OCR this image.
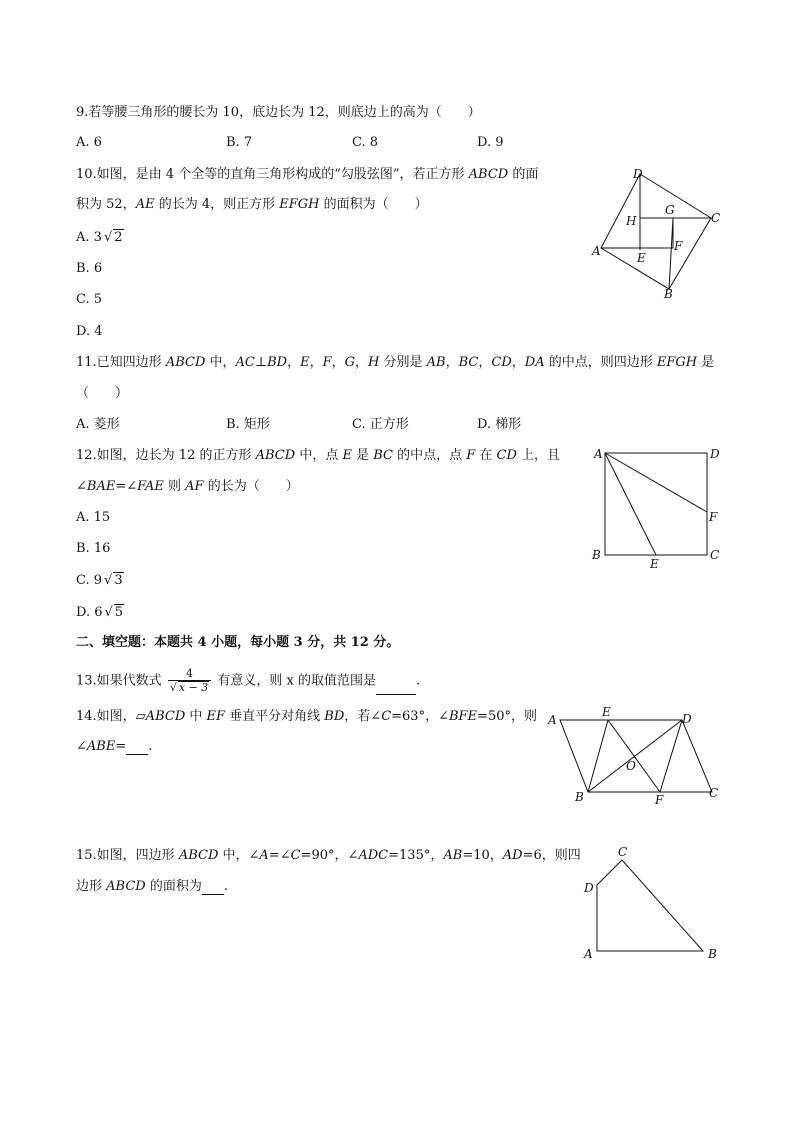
9.若等腰三角形的腰长为 10，底边长为 12，则底边上的高为（　　）
A. 6	B. 7	C. 8	D. 9
10.如图，是由 4 个全等的直角三角形构成的“勾股弦图”，若正方形 ABCD 的面
积为 52，AE 的长为 4，则正方形 EFGH 的面积为（　　）
A. 3 √ 2
B. 6
C. 5
D. 4
D
C
A
B
H
G
E
F
11.已知四边形 ABCD 中，AC⊥BD，E，F，G，H 分别是 AB，BC，CD，DA 的中点，则四边形 EFGH 是
（　　）
A. 菱形	B. 矩形	C. 正方形	D. 梯形
12.如图，边长为 12 的正方形 ABCD 中，点 E 是 BC 的中点，点 F 在 CD 上，且
∠BAE=∠FAE 则 AF 的长为（　　）
A. 15
B. 16
C. 9 √ 3
D. 6 √ 5
A	D
F
B
E
C
二、填空题：本题共 4 小题，每小题 3 分，共 12 分。
13.如果代数式 $\frac{4}{√ x - 3}$ 有意义，则 x 的取值范围是	.
14.如图，▱ABCD 中 EF 垂直平分对角线 BD，若∠C=63°，∠BFE=50°，则
∠ABE= .
A
E	D
O
B	F	C
15.如图，四边形 ABCD 中，∠A=∠C=90°，∠ADC=135°，AB=10，AD=6，则四
边形 ABCD 的面积为 .
C
D
A	B
